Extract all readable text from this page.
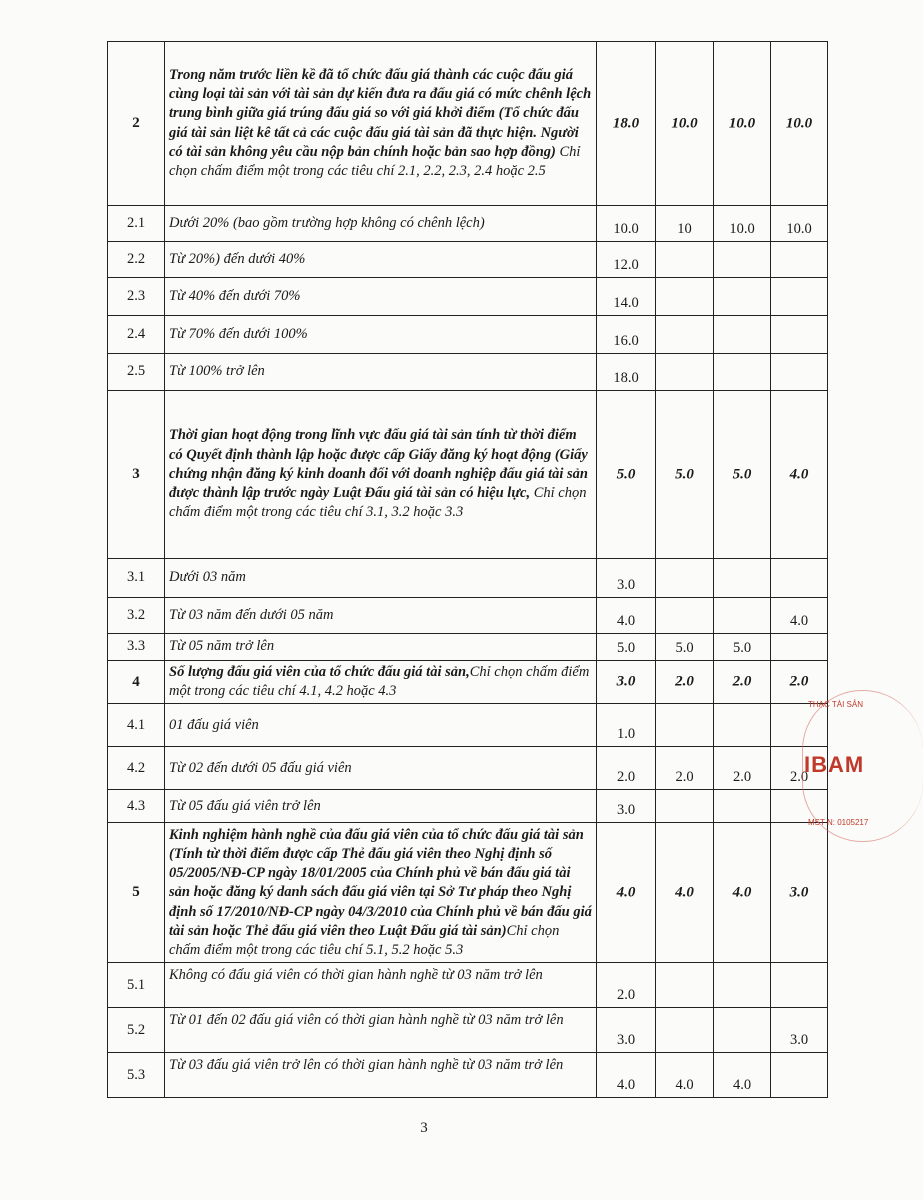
2	Trong năm trước liền kề đã tổ chức đấu giá thành các cuộc đấu giá cùng loại tài sản với tài sản dự kiến đưa ra đấu giá có mức chênh lệch trung bình giữa giá trúng đấu giá so với giá khởi điểm (Tổ chức đấu giá tài sản liệt kê tất cả các cuộc đấu giá tài sản đã thực hiện. Người có tài sản không yêu cầu nộp bản chính hoặc bản sao hợp đồng) Chỉ chọn chấm điểm một trong các tiêu chí 2.1, 2.2, 2.3, 2.4 hoặc 2.5	18.0	10.0	10.0	10.0

2.1	Dưới 20% (bao gồm trường hợp không có chênh lệch)	10.0	10	10.0	10.0

2.2	Từ 20%) đến dưới 40%	12.0			

2.3	Từ 40% đến dưới 70%	14.0			

2.4	Từ 70% đến dưới 100%	16.0			

2.5	Từ 100% trở lên	18.0			

3	Thời gian hoạt động trong lĩnh vực đấu giá tài sản tính từ thời điểm có Quyết định thành lập hoặc được cấp Giấy đăng ký hoạt động (Giấy chứng nhận đăng ký kinh doanh đối với doanh nghiệp đấu giá tài sản được thành lập trước ngày Luật Đấu giá tài sản có hiệu lực, Chỉ chọn chấm điểm một trong các tiêu chí 3.1, 3.2 hoặc 3.3	5.0	5.0	5.0	4.0

3.1	Dưới 03 năm	3.0			

3.2	Từ 03 năm đến dưới 05 năm	4.0			4.0

3.3	Từ 05 năm trở lên	5.0	5.0	5.0	

4	Số lượng đấu giá viên của tổ chức đấu giá tài sản,Chỉ chọn chấm điểm một trong các tiêu chí 4.1, 4.2 hoặc 4.3	3.0	2.0	2.0	2.0

4.1	01 đấu giá viên	1.0			

4.2	Từ 02 đến dưới 05 đấu giá viên	2.0	2.0	2.0	2.0

4.3	Từ 05 đấu giá viên trở lên	3.0			

5	Kinh nghiệm hành nghề của đấu giá viên của tổ chức đấu giá tài sản (Tính từ thời điểm được cấp Thẻ đấu giá viên theo Nghị định số 05/2005/NĐ-CP ngày 18/01/2005 của Chính phủ về bán đấu giá tài sản hoặc đăng ký danh sách đấu giá viên tại Sở Tư pháp theo Nghị định số 17/2010/NĐ-CP ngày 04/3/2010 của Chính phủ về bán đấu giá tài sản hoặc Thẻ đấu giá viên theo Luật Đấu giá tài sản)Chỉ chọn chấm điểm một trong các tiêu chí 5.1, 5.2 hoặc 5.3	4.0	4.0	4.0	3.0

5.1	Không có đấu giá viên có thời gian hành nghề từ 03 năm trở lên	2.0			

5.2	Từ 01 đến 02 đấu giá viên có thời gian hành nghề từ 03 năm trở lên	3.0			3.0

5.3	Từ 03 đấu giá viên trở lên có thời gian hành nghề từ 03 năm trở lên	4.0	4.0	4.0	

3
THẠC TÀI SẢN
IBAM
MST N: 0105217
